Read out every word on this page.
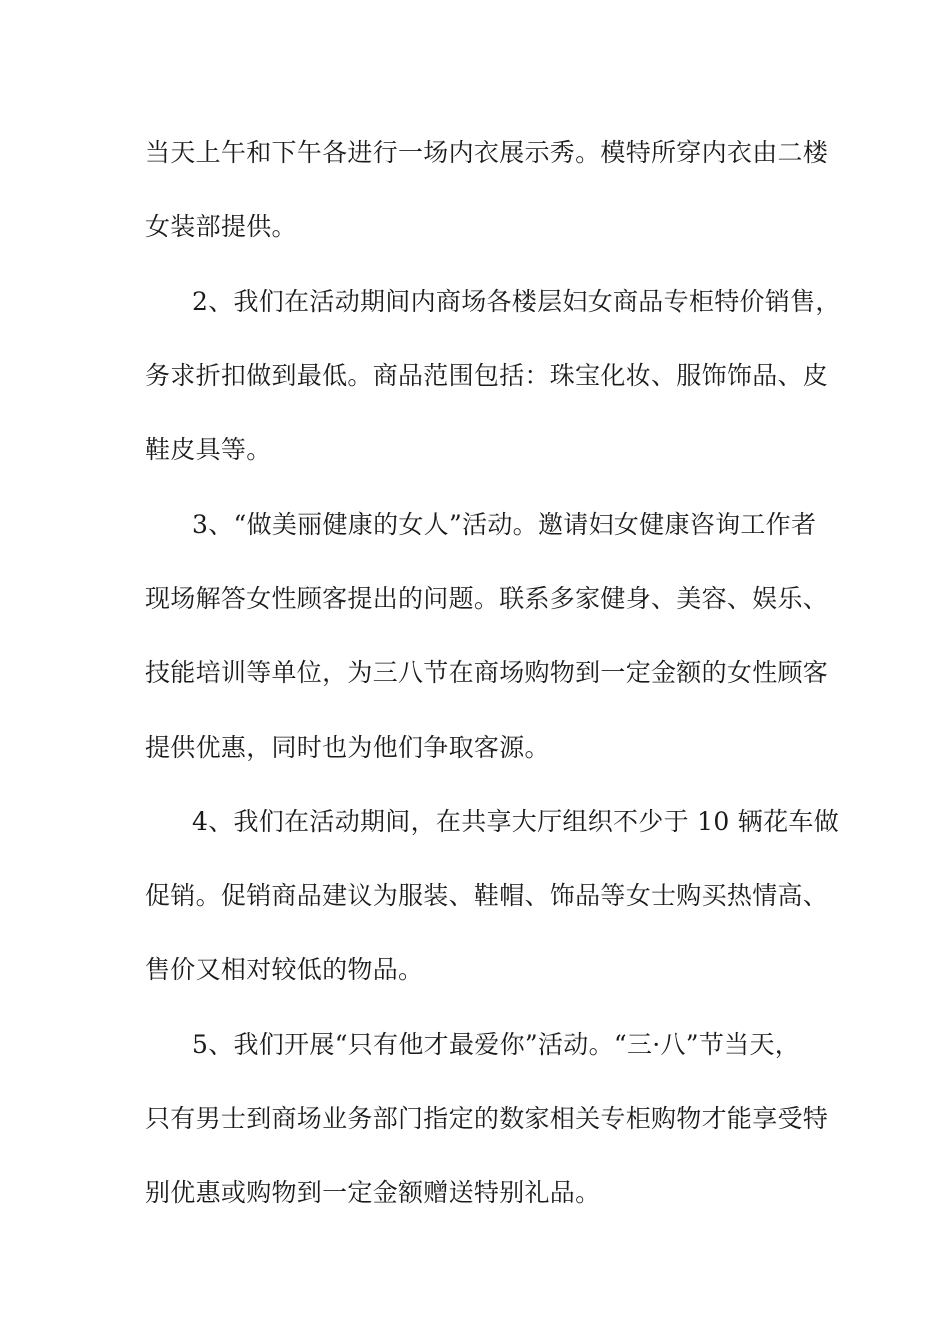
当天上午和下午各进行一场内衣展示秀。模特所穿内衣由二楼

女装部提供。

2、我们在活动期间内商场各楼层妇女商品专柜特价销售，

务求折扣做到最低。商品范围包括：珠宝化妆、服饰饰品、皮

鞋皮具等。

3、“做美丽健康的女人”活动。邀请妇女健康咨询工作者

现场解答女性顾客提出的问题。联系多家健身、美容、娱乐、

技能培训等单位，为三八节在商场购物到一定金额的女性顾客

提供优惠，同时也为他们争取客源。

4、我们在活动期间，在共享大厅组织不少于 10 辆花车做

促销。促销商品建议为服装、鞋帽、饰品等女士购买热情高、

售价又相对较低的物品。

5、我们开展“只有他才最爱你”活动。“三·八”节当天，

只有男士到商场业务部门指定的数家相关专柜购物才能享受特

别优惠或购物到一定金额赠送特别礼品。
